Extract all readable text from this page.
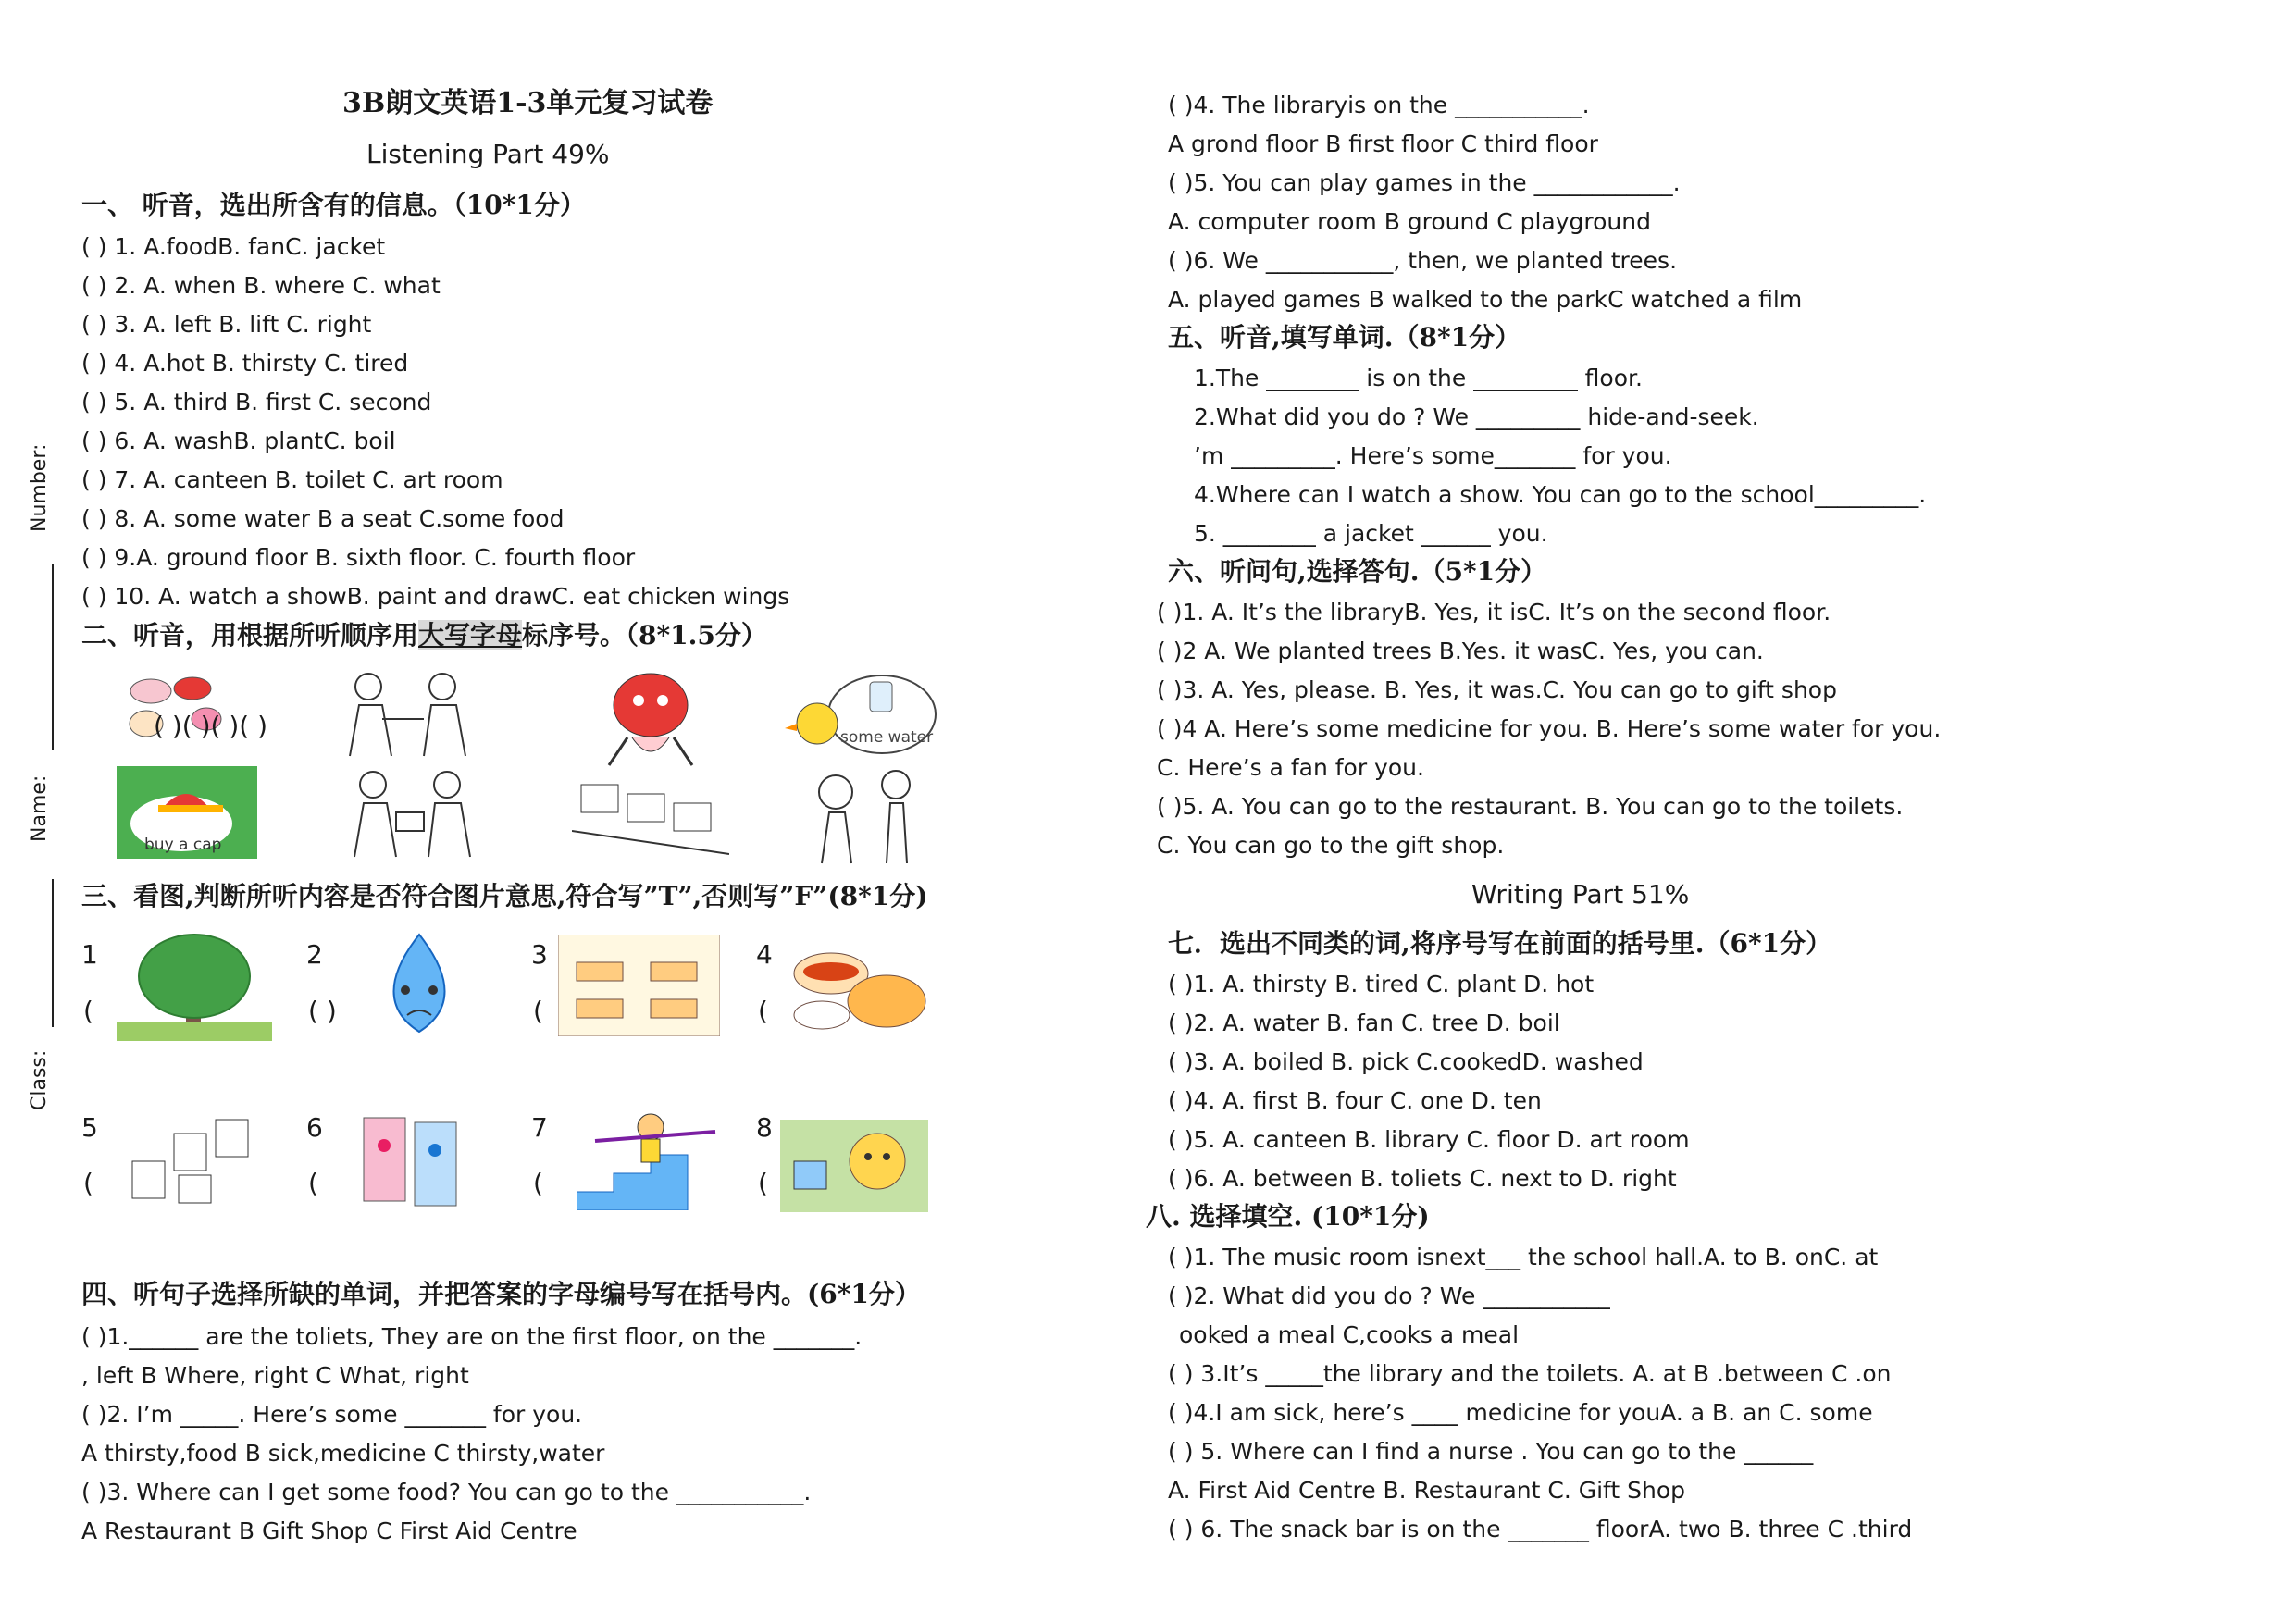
Number:
Name:
Class:
3B朗文英语1-3单元复习试卷
Listening Part 49%
一、 听音，选出所含有的信息。（10*1分）
( ) 1. A.foodB. fanC. jacket
( ) 2. A. when B. where C. what
( ) 3. A. left B. lift C. right
( ) 4. A.hot B. thirsty C. tired
( ) 5. A. third B. first C. second
( ) 6. A. washB. plantC. boil
( ) 7. A. canteen B. toilet C. art room
( ) 8. A. some water B a seat C.some food
( ) 9.A. ground floor B. sixth floor. C. fourth floor
( ) 10. A. watch a showB. paint and drawC. eat chicken wings
二、听音，用根据所听顺序用大写字母标序号。（8*1.5分）
( )( )( )( )	some water
buy a cap
三、看图,判断所听内容是否符合图片意思,符合写”T”,否则写”F”(8*1分)
1
(
2
( )
3
(
4
(
5
(
6
(
7
(
8
(
四、听句子选择所缺的单词，并把答案的字母编号写在括号内。(6*1分）
( )1.______ are the toliets, They are on the first floor, on the _______.
, left B Where, right C What, right
( )2. I’m _____. Here’s some _______ for you.
A thirsty,food B sick,medicine C thirsty,water
( )3. Where can I get some food? You can go to the ___________.
A Restaurant B Gift Shop C First Aid Centre
( )4. The libraryis on the ___________.
A grond floor B first floor C third floor
( )5. You can play games in the ____________.
A. computer room B ground C playground
( )6. We ___________, then, we planted trees.
A. played games B walked to the parkC watched a film
五、听音,填写单词.（8*1分）
1.The ________ is on the _________ floor.
2.What did you do ? We _________ hide-and-seek.
’m _________. Here’s some_______ for you.
4.Where can I watch a show. You can go to the school_________.
5. ________ a jacket ______ you.
六、听问句,选择答句.（5*1分）
( )1. A. It’s the libraryB. Yes, it isC. It’s on the second floor.
( )2 A. We planted trees B.Yes. it wasC. Yes, you can.
( )3. A. Yes, please. B. Yes, it was.C. You can go to gift shop
( )4 A. Here’s some medicine for you. B. Here’s some water for you.
C. Here’s a fan for you.
( )5. A. You can go to the restaurant. B. You can go to the toilets.
C. You can go to the gift shop.
Writing Part 51%
七．选出不同类的词,将序号写在前面的括号里.（6*1分）
( )1. A. thirsty B. tired C. plant D. hot
( )2. A. water B. fan C. tree D. boil
( )3. A. boiled B. pick C.cookedD. washed
( )4. A. first B. four C. one D. ten
( )5. A. canteen B. library C. floor D. art room
( )6. A. between B. toliets C. next to D. right
八. 选择填空. (10*1分)
( )1. The music room isnext___ the school hall.A. to B. onC. at
( )2. What did you do ? We ___________
ooked a meal C,cooks a meal
( ) 3.It’s _____the library and the toilets. A. at B .between C .on
( )4.I am sick, here’s ____ medicine for youA. a B. an C. some
( ) 5. Where can I find a nurse . You can go to the ______
A. First Aid Centre B. Restaurant C. Gift Shop
( ) 6. The snack bar is on the _______ floorA. two B. three C .third
